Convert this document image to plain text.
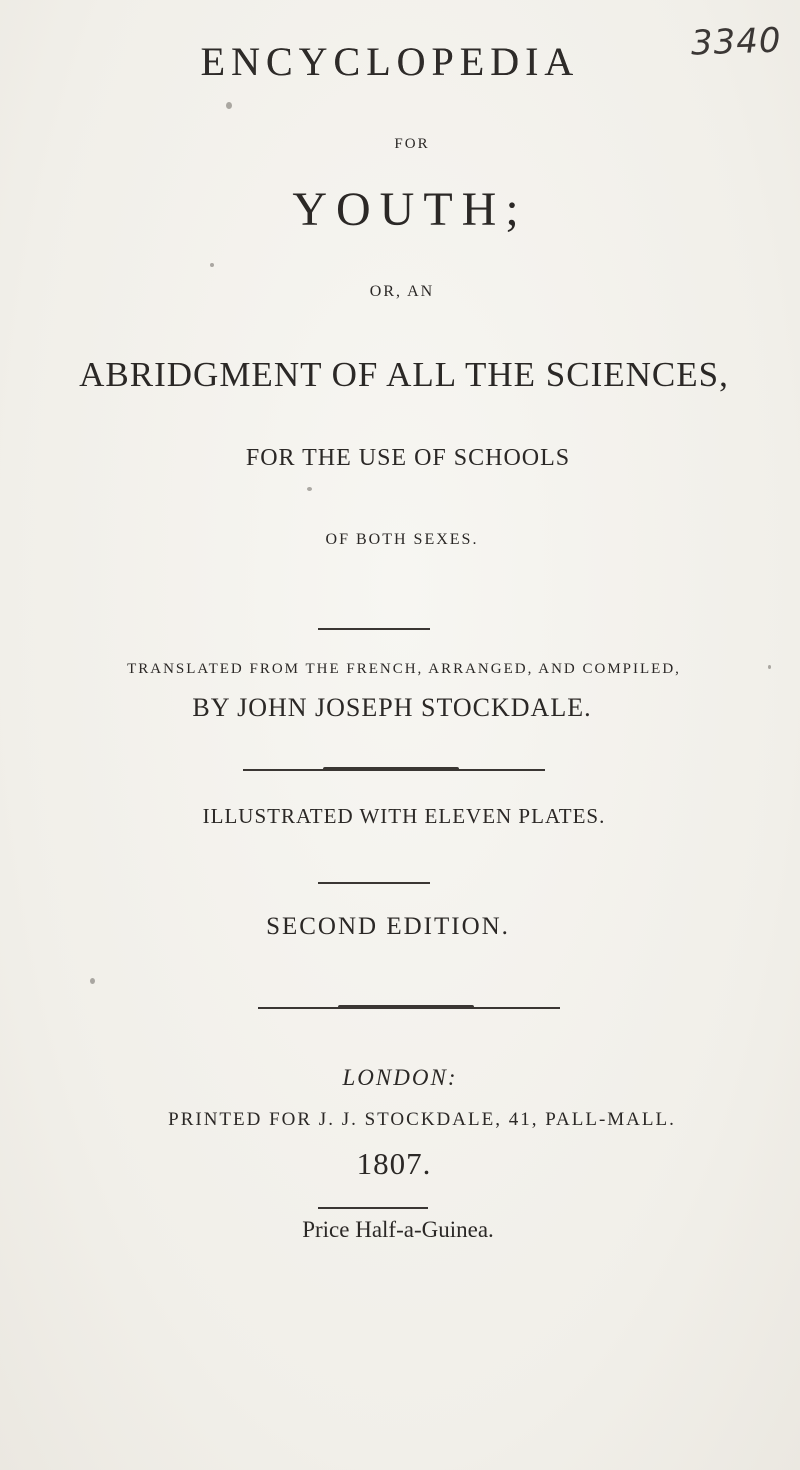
3340
ENCYCLOPEDIA
FOR
YOUTH;
OR, AN
ABRIDGMENT OF ALL THE SCIENCES,
FOR THE USE OF SCHOOLS
OF BOTH SEXES.
TRANSLATED FROM THE FRENCH, ARRANGED, AND COMPILED,
BY JOHN JOSEPH STOCKDALE.
ILLUSTRATED WITH ELEVEN PLATES.
SECOND EDITION.
LONDON:
PRINTED FOR J. J. STOCKDALE, 41, PALL-MALL.
1807.
Price Half-a-Guinea.
